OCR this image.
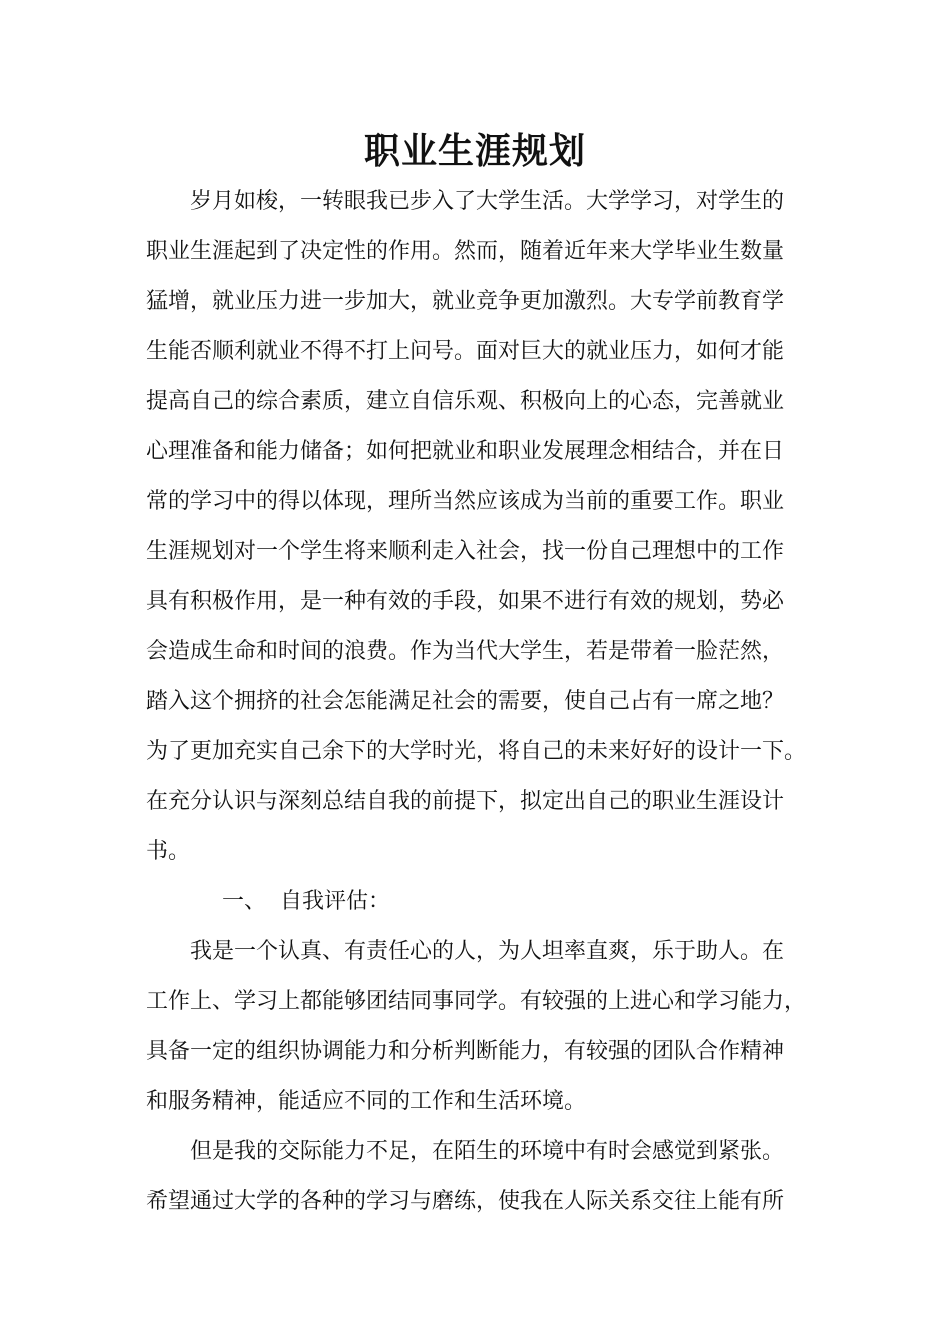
职业生涯规划
岁月如梭，一转眼我已步入了大学生活。大学学习，对学生的
职业生涯起到了决定性的作用。然而，随着近年来大学毕业生数量
猛增，就业压力进一步加大，就业竞争更加激烈。大专学前教育学
生能否顺利就业不得不打上问号。面对巨大的就业压力，如何才能
提高自己的综合素质，建立自信乐观、积极向上的心态，完善就业
心理准备和能力储备；如何把就业和职业发展理念相结合，并在日
常的学习中的得以体现，理所当然应该成为当前的重要工作。职业
生涯规划对一个学生将来顺利走入社会，找一份自己理想中的工作
具有积极作用，是一种有效的手段，如果不进行有效的规划，势必
会造成生命和时间的浪费。作为当代大学生，若是带着一脸茫然，
踏入这个拥挤的社会怎能满足社会的需要，使自己占有一席之地？
为了更加充实自己余下的大学时光，将自己的未来好好的设计一下。
在充分认识与深刻总结自我的前提下，拟定出自己的职业生涯设计
书。
一、 自我评估：
我是一个认真、有责任心的人，为人坦率直爽，乐于助人。在
工作上、学习上都能够团结同事同学。有较强的上进心和学习能力，
具备一定的组织协调能力和分析判断能力，有较强的团队合作精神
和服务精神，能适应不同的工作和生活环境。
但是我的交际能力不足，在陌生的环境中有时会感觉到紧张。
希望通过大学的各种的学习与磨练，使我在人际关系交往上能有所
